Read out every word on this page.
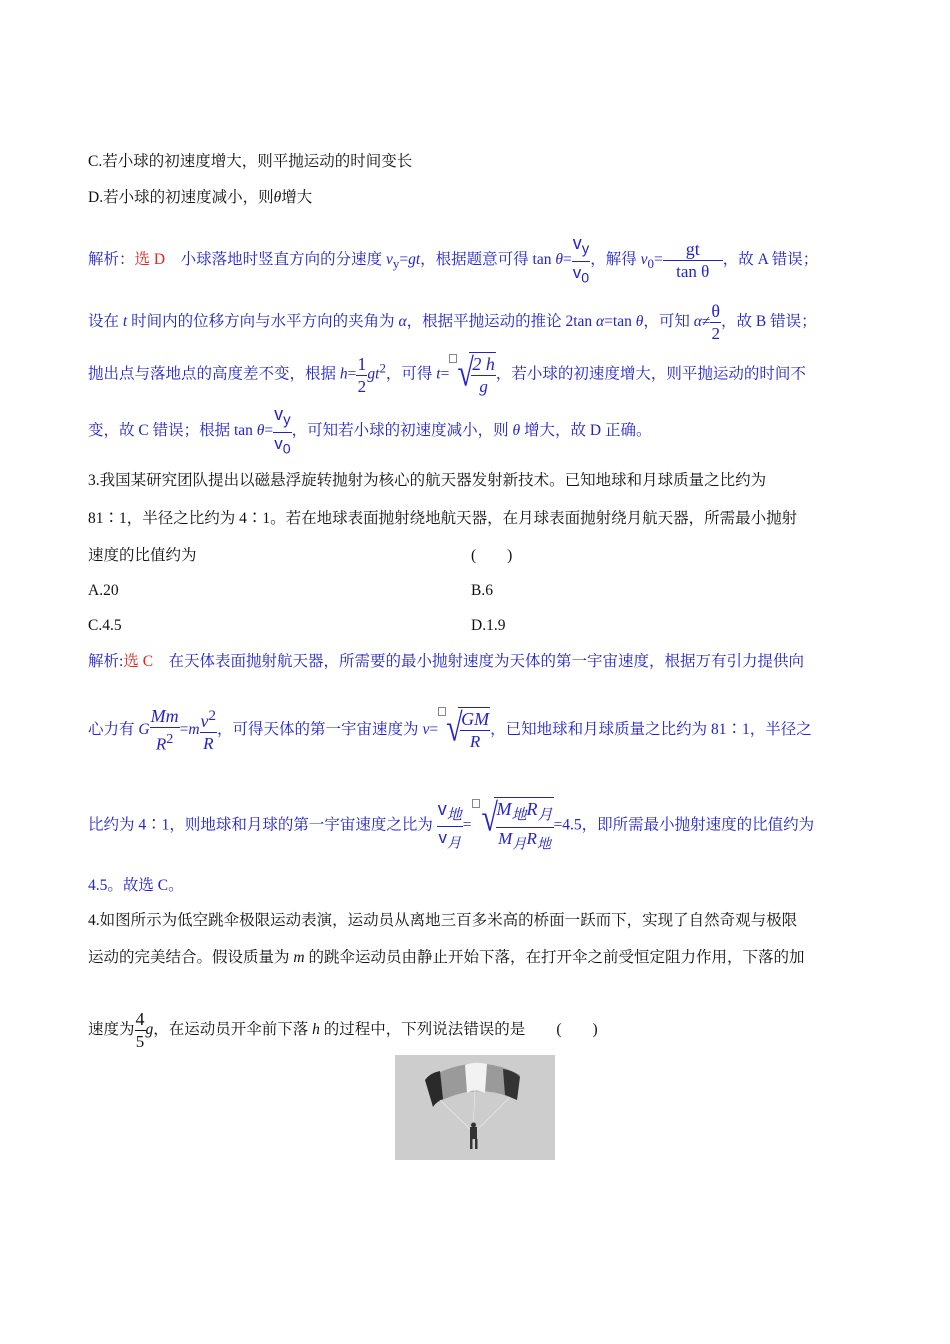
C.若小球的初速度增大，则平抛运动的时间变长
D.若小球的初速度减小，则θ增大
解析：选 D　 小球落地时竖直方向的分速度 $v_y=gt$，根据题意可得 $\tan \theta= \frac{v_y}{v_0}$ ，解得 $v_0= \frac{gt}{\text{tan θ}}$ ，故 A 错误；
设在 t 时间内的位移方向与水平方向的夹角为 α，根据平抛运动的推论 2tan α=tan θ，可知 $\alpha\ne \frac{\theta}{2}$ ，故 B 错误；
抛出点与落地点的高度差不变，根据 $h= \frac{1}{2} gt^2$，可得 t= √ $\frac{2 h}{g}$ ，若小球的初速度增大，则平抛运动的时间不
变，故 C 错误；根据 $\tan \theta= \frac{v_y}{v_0}$ ，可知若小球的初速度减小，则 θ 增大，故 D 正确。
3.我国某研究团队提出以磁悬浮旋转抛射为核心的航天器发射新技术。已知地球和月球质量之比约为
81∶1，半径之比约为 4∶1。若在地球表面抛射绕地航天器，在月球表面抛射绕月航天器，所需最小抛射
速度的比值约为	(　　)
A.20	B.6
C.4.5	D.1.9
解析:选 C　 在天体表面抛射航天器，所需要的最小抛射速度为天体的第一宇宙速度，根据万有引力提供向
心力有 G $\frac{Mm}{R^2} =m \frac{v^2}{R}$ ，可得天体的第一宇宙速度为 v= √ $\frac{GM}{R}$ ，已知地球和月球质量之比约为 81∶1，半径之
比约为 4∶1，则地球和月球的第一宇宙速度之比为 $\frac{v_地}{v_月}$ = √ $\frac{M_地R_月}{M_月R_地} =4.5$，即所需最小抛射速度的比值约为
4.5。故选 C。
4.如图所示为低空跳伞极限运动表演，运动员从离地三百多米高的桥面一跃而下，实现了自然奇观与极限
运动的完美结合。假设质量为 m 的跳伞运动员由静止开始下落，在打开伞之前受恒定阻力作用，下落的加
速度为 $\frac{4}{5}$ g，在运动员开伞前下落 h 的过程中，下列说法错误的是　　 (　　)
